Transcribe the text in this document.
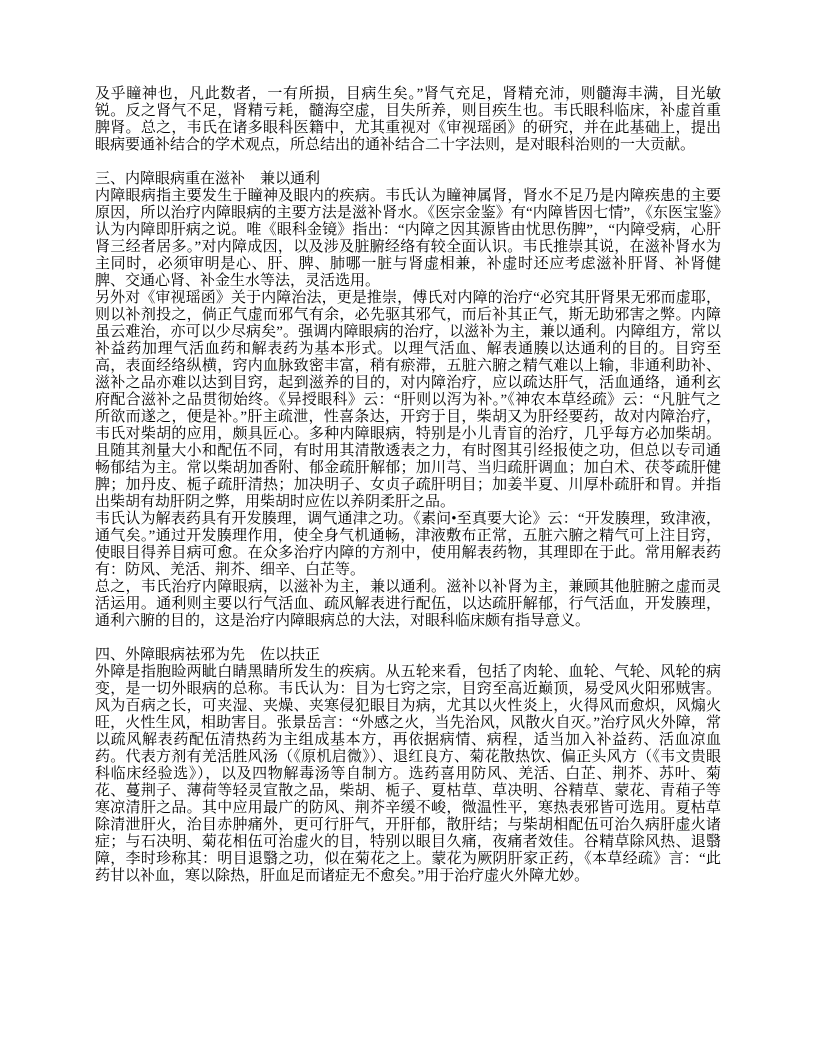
及乎瞳神也，凡此数者，一有所损，目病生矣。”肾气充足，肾精充沛，则髓海丰满，目光敏锐。反之肾气不足，肾精亏耗，髓海空虚，目失所养，则目疾生也。韦氏眼科临床，补虚首重脾肾。总之，韦氏在诸多眼科医籍中，尤其重视对《审视瑶函》的研究，并在此基础上，提出眼病要通补结合的学术观点，所总结出的通补结合二十字法则，是对眼科治则的一大贡献。

三、内障眼病重在滋补　兼以通利

内障眼病指主要发生于瞳神及眼内的疾病。韦氏认为瞳神属肾，肾水不足乃是内障疾患的主要原因，所以治疗内障眼病的主要方法是滋补肾水。《医宗金鉴》有“内障皆因七情”，《东医宝鉴》认为内障即肝病之说。唯《眼科金镜》指出：“内障之因其源皆由忧思伤脾”，“内障受病，心肝肾三经者居多。”对内障成因，以及涉及脏腑经络有较全面认识。韦氏推崇其说，在滋补肾水为主同时，必须审明是心、肝、脾、肺哪一脏与肾虚相兼，补虚时还应考虑滋补肝肾、补肾健脾、交通心肾、补金生水等法，灵活选用。

另外对《审视瑶函》关于内障治法，更是推崇，傅氏对内障的治疗“必究其肝肾果无邪而虚耶，则以补剂投之，倘正气虚而邪气有余，必先驱其邪气，而后补其正气，斯无助邪害之弊。内障虽云难治，亦可以少尽病矣”。强调内障眼病的治疗，以滋补为主，兼以通利。内障组方，常以补益药加理气活血药和解表药为基本形式。以理气活血、解表通腠以达通利的目的。目窍至高，表面经络纵横，窍内血脉致密丰富，稍有瘀滞，五脏六腑之精气难以上输，非通利助补、滋补之品亦难以达到目窍，起到滋养的目的，对内障治疗，应以疏达肝气，活血通络，通利玄府配合滋补之品贯彻始终。《异授眼科》云：“肝则以泻为补。”《神农本草经疏》云：“凡脏气之所欲而遂之，便是补。”肝主疏泄，性喜条达，开窍于目，柴胡又为肝经要药，故对内障治疗，韦氏对柴胡的应用，颇具匠心。多种内障眼病，特别是小儿青盲的治疗，几乎每方必加柴胡。且随其剂量大小和配伍不同，有时用其清散透表之力，有时图其引经报使之功，但总以专司通畅郁结为主。常以柴胡加香附、郁金疏肝解郁；加川芎、当归疏肝调血；加白术、茯苓疏肝健脾；加丹皮、栀子疏肝清热；加决明子、女贞子疏肝明目；加姜半夏、川厚朴疏肝和胃。并指出柴胡有劫肝阴之弊，用柴胡时应佐以养阴柔肝之品。

韦氏认为解表药具有开发腠理，调气通津之功。《素问•至真要大论》云：“开发腠理，致津液，通气矣。”通过开发腠理作用，使全身气机通畅，津液敷布正常，五脏六腑之精气可上注目窍，使眼目得养目病可愈。在众多治疗内障的方剂中，使用解表药物，其理即在于此。常用解表药有：防风、羌活、荆芥、细辛、白芷等。

总之，韦氏治疗内障眼病，以滋补为主，兼以通利。滋补以补肾为主，兼顾其他脏腑之虚而灵活运用。通利则主要以行气活血、疏风解表进行配伍，以达疏肝解郁，行气活血，开发腠理，通利六腑的目的，这是治疗内障眼病总的大法，对眼科临床颇有指导意义。

四、外障眼病祛邪为先　佐以扶正

外障是指胞睑两眦白睛黑睛所发生的疾病。从五轮来看，包括了肉轮、血轮、气轮、风轮的病变，是一切外眼病的总称。韦氏认为：目为七窍之宗，目窍至高近巅顶，易受风火阳邪贼害。风为百病之长，可夹湿、夹燥、夹寒侵犯眼目为病，尤其以火性炎上，火得风而愈炽，风煽火旺，火性生风，相助害目。张景岳言：“外感之火，当先治风，风散火自灭。”治疗风火外障，常以疏风解表药配伍清热药为主组成基本方，再依据病情、病程，适当加入补益药、活血凉血药。代表方剂有羌活胜风汤（《原机启微》）、退红良方、菊花散热饮、偏正头风方（《韦文贵眼科临床经验选》），以及四物解毒汤等自制方。选药喜用防风、羌活、白芷、荆芥、苏叶、菊花、蔓荆子、薄荷等轻灵宣散之品，柴胡、栀子、夏枯草、草决明、谷精草、蒙花、青葙子等寒凉清肝之品。其中应用最广的防风、荆芥辛缓不峻，微温性平，寒热表邪皆可选用。夏枯草除清泄肝火，治目赤肿痛外，更可行肝气，开肝郁，散肝结；与柴胡相配伍可治久病肝虚火诸症；与石决明、菊花相伍可治虚火的目，特别以眼目久痛，夜痛者效佳。谷精草除风热、退翳障，李时珍称其：明目退翳之功，似在菊花之上。蒙花为厥阴肝家正药，《本草经疏》言：“此药甘以补血，寒以除热，肝血足而诸症无不愈矣。”用于治疗虚火外障尤妙。
